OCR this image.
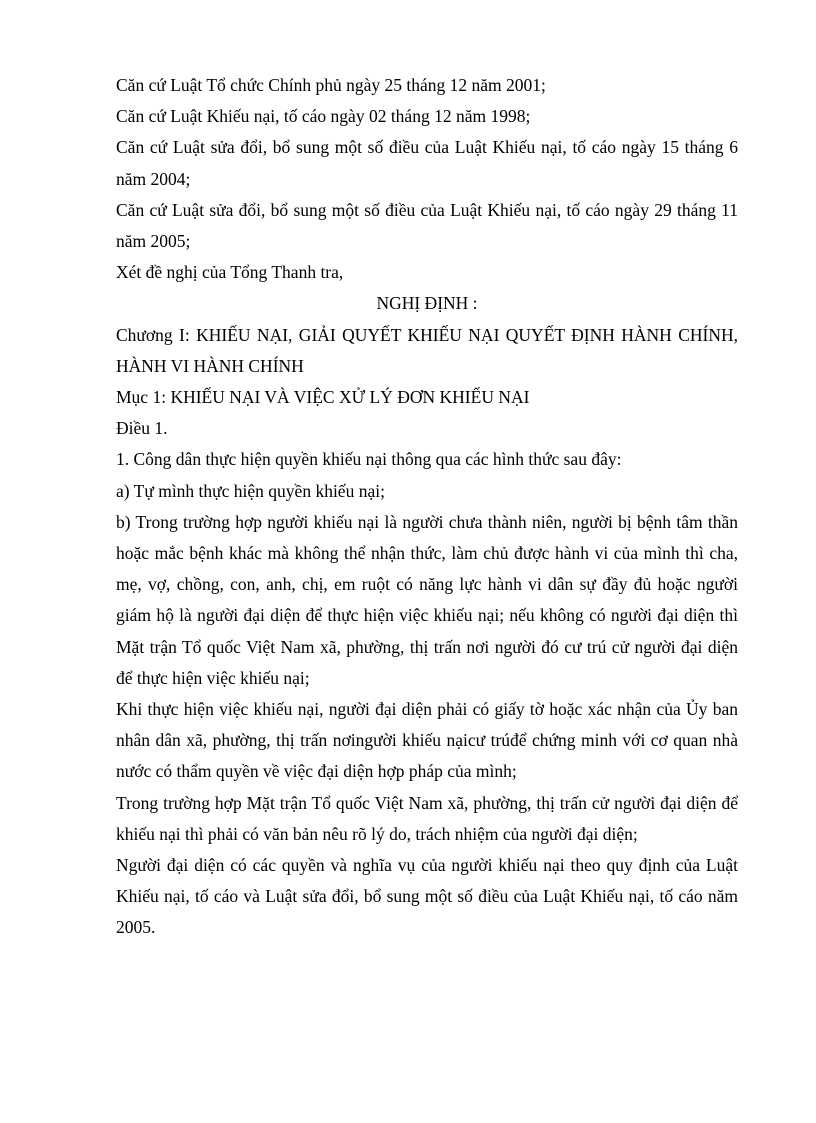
Căn cứ Luật Tổ chức Chính phủ ngày 25 tháng 12 năm 2001;

Căn cứ Luật Khiếu nại, tố cáo ngày 02 tháng 12 năm 1998;

Căn cứ Luật sửa đổi, bổ sung một số điều của Luật Khiếu nại, tố cáo ngày 15 tháng 6 năm 2004;

Căn cứ Luật sửa đổi, bổ sung một số điều của Luật Khiếu nại, tố cáo ngày 29 tháng 11 năm 2005;

Xét đề nghị của Tổng Thanh tra,

NGHỊ ĐỊNH :

Chương I: KHIẾU NẠI, GIẢI QUYẾT KHIẾU NẠI QUYẾT ĐỊNH HÀNH CHÍNH, HÀNH VI HÀNH CHÍNH

Mục 1: KHIẾU NẠI VÀ VIỆC XỬ LÝ ĐƠN KHIẾU NẠI

Điều 1.

1. Công dân thực hiện quyền khiếu nại thông qua các hình thức sau đây:

a) Tự mình thực hiện quyền khiếu nại;

b) Trong trường hợp người khiếu nại là người chưa thành niên, người bị bệnh tâm thần hoặc mắc bệnh khác mà không thể nhận thức, làm chủ được hành vi của mình thì cha, mẹ, vợ, chồng, con, anh, chị, em ruột có năng lực hành vi dân sự đầy đủ hoặc người giám hộ là người đại diện để thực hiện việc khiếu nại; nếu không có người đại diện thì Mặt trận Tổ quốc Việt Nam xã, phường, thị trấn nơi người đó cư trú cử người đại diện để thực hiện việc khiếu nại;

Khi thực hiện việc khiếu nại, người đại diện phải có giấy tờ hoặc xác nhận của Ủy ban nhân dân xã, phường, thị trấn nơingười khiếu nạicư trúđể chứng minh với cơ quan nhà nước có thẩm quyền về việc đại diện hợp pháp của mình;

Trong trường hợp Mặt trận Tổ quốc Việt Nam xã, phường, thị trấn cử người đại diện để khiếu nại thì phải có văn bản nêu rõ lý do, trách nhiệm của người đại diện;

Người đại diện có các quyền và nghĩa vụ của người khiếu nại theo quy định của Luật Khiếu nại, tố cáo và Luật sửa đổi, bổ sung một số điều của Luật Khiếu nại, tố cáo năm 2005.
